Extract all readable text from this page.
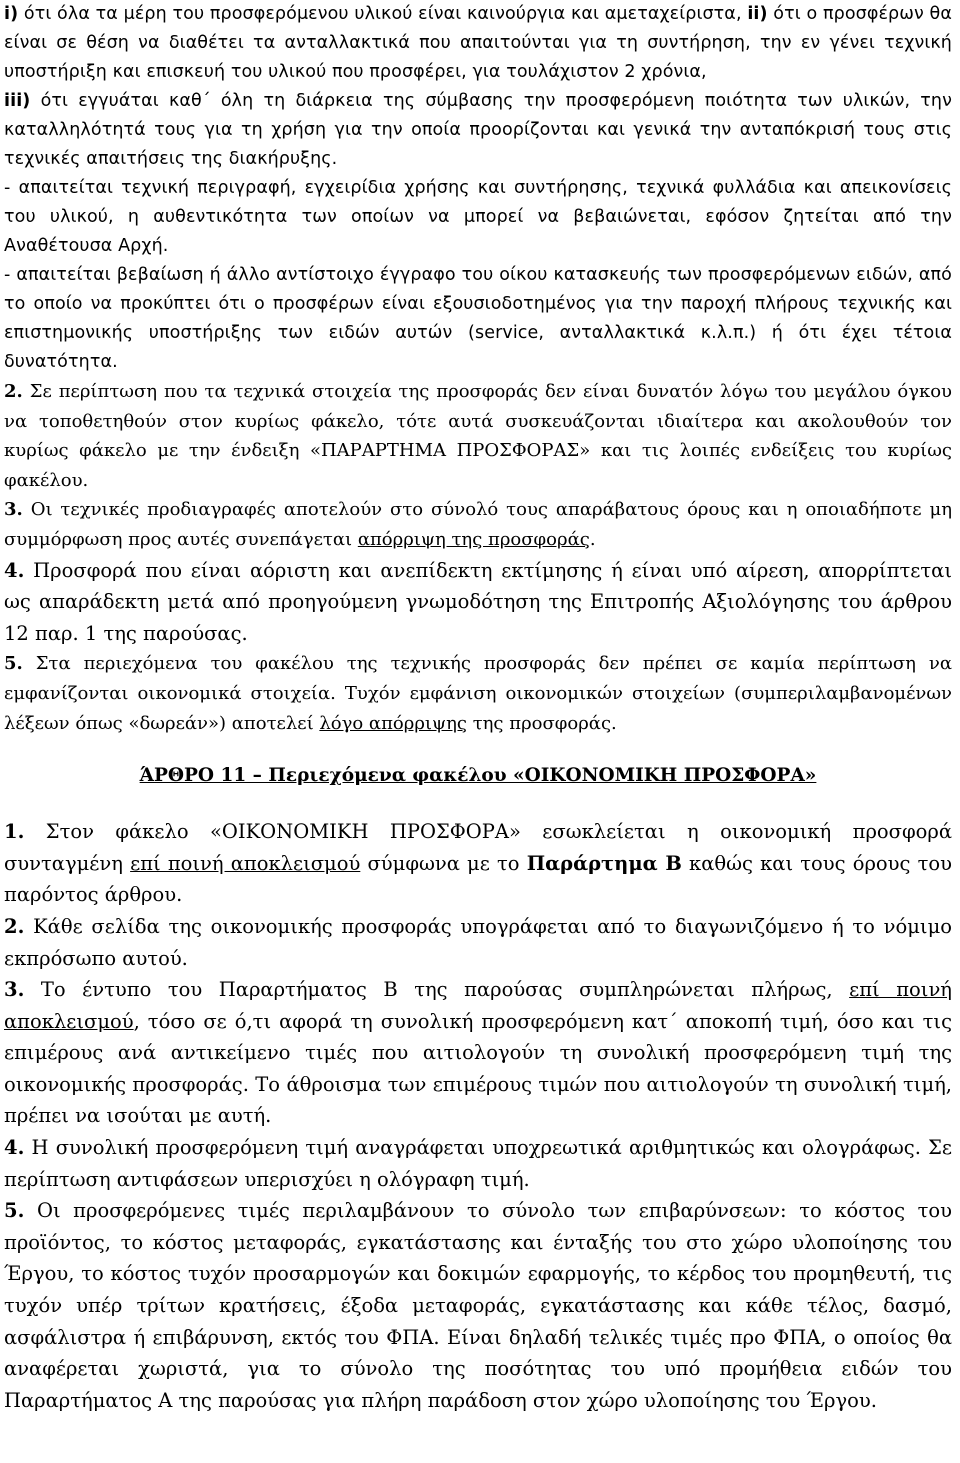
i) ότι όλα τα μέρη του προσφερόμενου υλικού είναι καινούργια και αμεταχείριστα, ii) ότι ο προσφέρων θα είναι σε θέση να διαθέτει τα ανταλλακτικά που απαιτούνται για τη συντήρηση, την εν γένει τεχνική υποστήριξη και επισκευή του υλικού που προσφέρει, για τουλάχιστον 2 χρόνια,

iii) ότι εγγυάται καθ΄ όλη τη διάρκεια της σύμβασης την προσφερόμενη ποιότητα των υλικών, την καταλληλότητά τους για τη χρήση για την οποία προορίζονται και γενικά την ανταπόκρισή τους στις τεχνικές απαιτήσεις της διακήρυξης.

- απαιτείται τεχνική περιγραφή, εγχειρίδια χρήσης και συντήρησης, τεχνικά φυλλάδια και απεικονίσεις του υλικού, η αυθεντικότητα των οποίων να μπορεί να βεβαιώνεται, εφόσον ζητείται από την Αναθέτουσα Αρχή.

- απαιτείται βεβαίωση ή άλλο αντίστοιχο έγγραφο του οίκου κατασκευής των προσφερόμενων ειδών, από το οποίο να προκύπτει ότι ο προσφέρων είναι εξουσιοδοτημένος για την παροχή πλήρους τεχνικής και επιστημονικής υποστήριξης των ειδών αυτών (service, ανταλλακτικά κ.λ.π.) ή ότι έχει τέτοια δυνατότητα.

2. Σε περίπτωση που τα τεχνικά στοιχεία της προσφοράς δεν είναι δυνατόν λόγω του μεγάλου όγκου να τοποθετηθούν στον κυρίως φάκελο, τότε αυτά συσκευάζονται ιδιαίτερα και ακολουθούν τον κυρίως φάκελο με την ένδειξη «ΠΑΡΑΡΤΗΜΑ ΠΡΟΣΦΟΡΑΣ» και τις λοιπές ενδείξεις του κυρίως φακέλου.

3. Οι τεχνικές προδιαγραφές αποτελούν στο σύνολό τους απαράβατους όρους και η οποιαδήποτε μη συμμόρφωση προς αυτές συνεπάγεται απόρριψη της προσφοράς.

4. Προσφορά που είναι αόριστη και ανεπίδεκτη εκτίμησης ή είναι υπό αίρεση, απορρίπτεται ως απαράδεκτη μετά από προηγούμενη γνωμοδότηση της Επιτροπής Αξιολόγησης του άρθρου 12 παρ. 1 της παρούσας.

5. Στα περιεχόμενα του φακέλου της τεχνικής προσφοράς δεν πρέπει σε καμία περίπτωση να εμφανίζονται οικονομικά στοιχεία. Τυχόν εμφάνιση οικονομικών στοιχείων (συμπεριλαμβανομένων λέξεων όπως «δωρεάν») αποτελεί λόγο απόρριψης της προσφοράς.

ΆΡΘΡΟ 11 – Περιεχόμενα φακέλου «ΟΙΚΟΝΟΜΙΚΗ ΠΡΟΣΦΟΡΑ»

1. Στον φάκελο «ΟΙΚΟΝΟΜΙΚΗ ΠΡΟΣΦΟΡΑ» εσωκλείεται η οικονομική προσφορά συνταγμένη επί ποινή αποκλεισμού σύμφωνα με το Παράρτημα Β καθώς και τους όρους του παρόντος άρθρου.

2. Κάθε σελίδα της οικονομικής προσφοράς υπογράφεται από το διαγωνιζόμενο ή το νόμιμο εκπρόσωπο αυτού.

3. Το έντυπο του Παραρτήματος Β της παρούσας συμπληρώνεται πλήρως, επί ποινή αποκλεισμού, τόσο σε ό,τι αφορά τη συνολική προσφερόμενη κατ΄ αποκοπή τιμή, όσο και τις επιμέρους ανά αντικείμενο τιμές που αιτιολογούν τη συνολική προσφερόμενη τιμή της οικονομικής προσφοράς. Το άθροισμα των επιμέρους τιμών που αιτιολογούν τη συνολική τιμή, πρέπει να ισούται με αυτή.

4. Η συνολική προσφερόμενη τιμή αναγράφεται υποχρεωτικά αριθμητικώς και ολογράφως. Σε περίπτωση αντιφάσεων υπερισχύει η ολόγραφη τιμή.

5. Οι προσφερόμενες τιμές περιλαμβάνουν το σύνολο των επιβαρύνσεων: το κόστος του προϊόντος, το κόστος μεταφοράς, εγκατάστασης και ένταξής του στο χώρο υλοποίησης του Έργου, το κόστος τυχόν προσαρμογών και δοκιμών εφαρμογής, το κέρδος του προμηθευτή, τις τυχόν υπέρ τρίτων κρατήσεις, έξοδα μεταφοράς, εγκατάστασης και κάθε τέλος, δασμό, ασφάλιστρα ή επιβάρυνση, εκτός του ΦΠΑ. Είναι δηλαδή τελικές τιμές προ ΦΠΑ, ο οποίος θα αναφέρεται χωριστά, για το σύνολο της ποσότητας του υπό προμήθεια ειδών του Παραρτήματος Α της παρούσας για πλήρη παράδοση στον χώρο υλοποίησης του Έργου.
